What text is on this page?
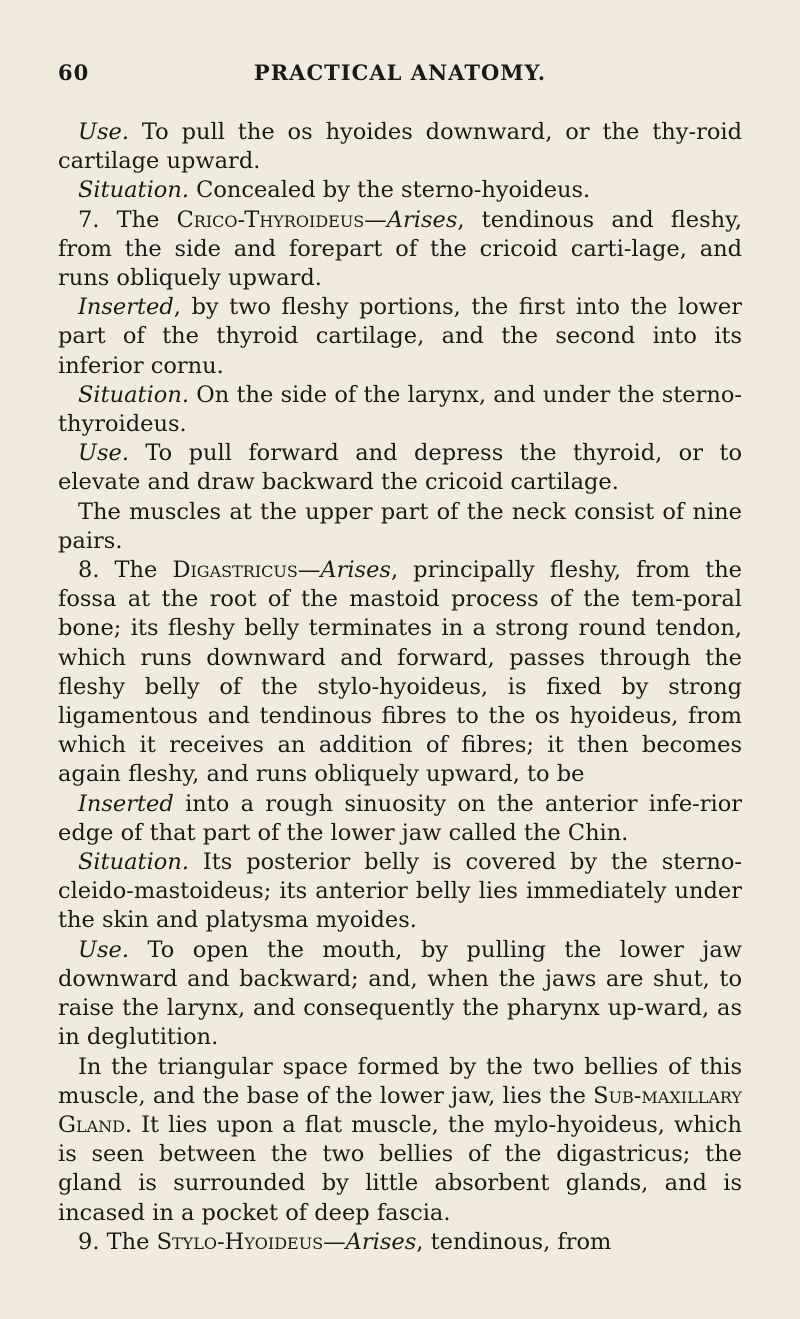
PRACTICAL ANATOMY.
60

Use. To pull the os hyoides downward, or the thy-roid cartilage upward.

Situation. Concealed by the sterno-hyoideus.

7. The Crico-Thyroideus—Arises, tendinous and fleshy, from the side and forepart of the cricoid carti-lage, and runs obliquely upward.

Inserted, by two fleshy portions, the first into the lower part of the thyroid cartilage, and the second into its inferior cornu.

Situation. On the side of the larynx, and under the sterno-thyroideus.

Use. To pull forward and depress the thyroid, or to elevate and draw backward the cricoid cartilage.

The muscles at the upper part of the neck consist of nine pairs.

8. The Digastricus—Arises, principally fleshy, from the fossa at the root of the mastoid process of the tem-poral bone; its fleshy belly terminates in a strong round tendon, which runs downward and forward, passes through the fleshy belly of the stylo-hyoideus, is fixed by strong ligamentous and tendinous fibres to the os hyoideus, from which it receives an addition of fibres; it then becomes again fleshy, and runs obliquely upward, to be

Inserted into a rough sinuosity on the anterior infe-rior edge of that part of the lower jaw called the Chin.

Situation. Its posterior belly is covered by the sterno-cleido-mastoideus; its anterior belly lies immediately under the skin and platysma myoides.

Use. To open the mouth, by pulling the lower jaw downward and backward; and, when the jaws are shut, to raise the larynx, and consequently the pharynx up-ward, as in deglutition.

In the triangular space formed by the two bellies of this muscle, and the base of the lower jaw, lies the Sub-maxillary Gland. It lies upon a flat muscle, the mylo-hyoideus, which is seen between the two bellies of the digastricus; the gland is surrounded by little absorbent glands, and is incased in a pocket of deep fascia.

9. The Stylo-Hyoideus—Arises, tendinous, from
